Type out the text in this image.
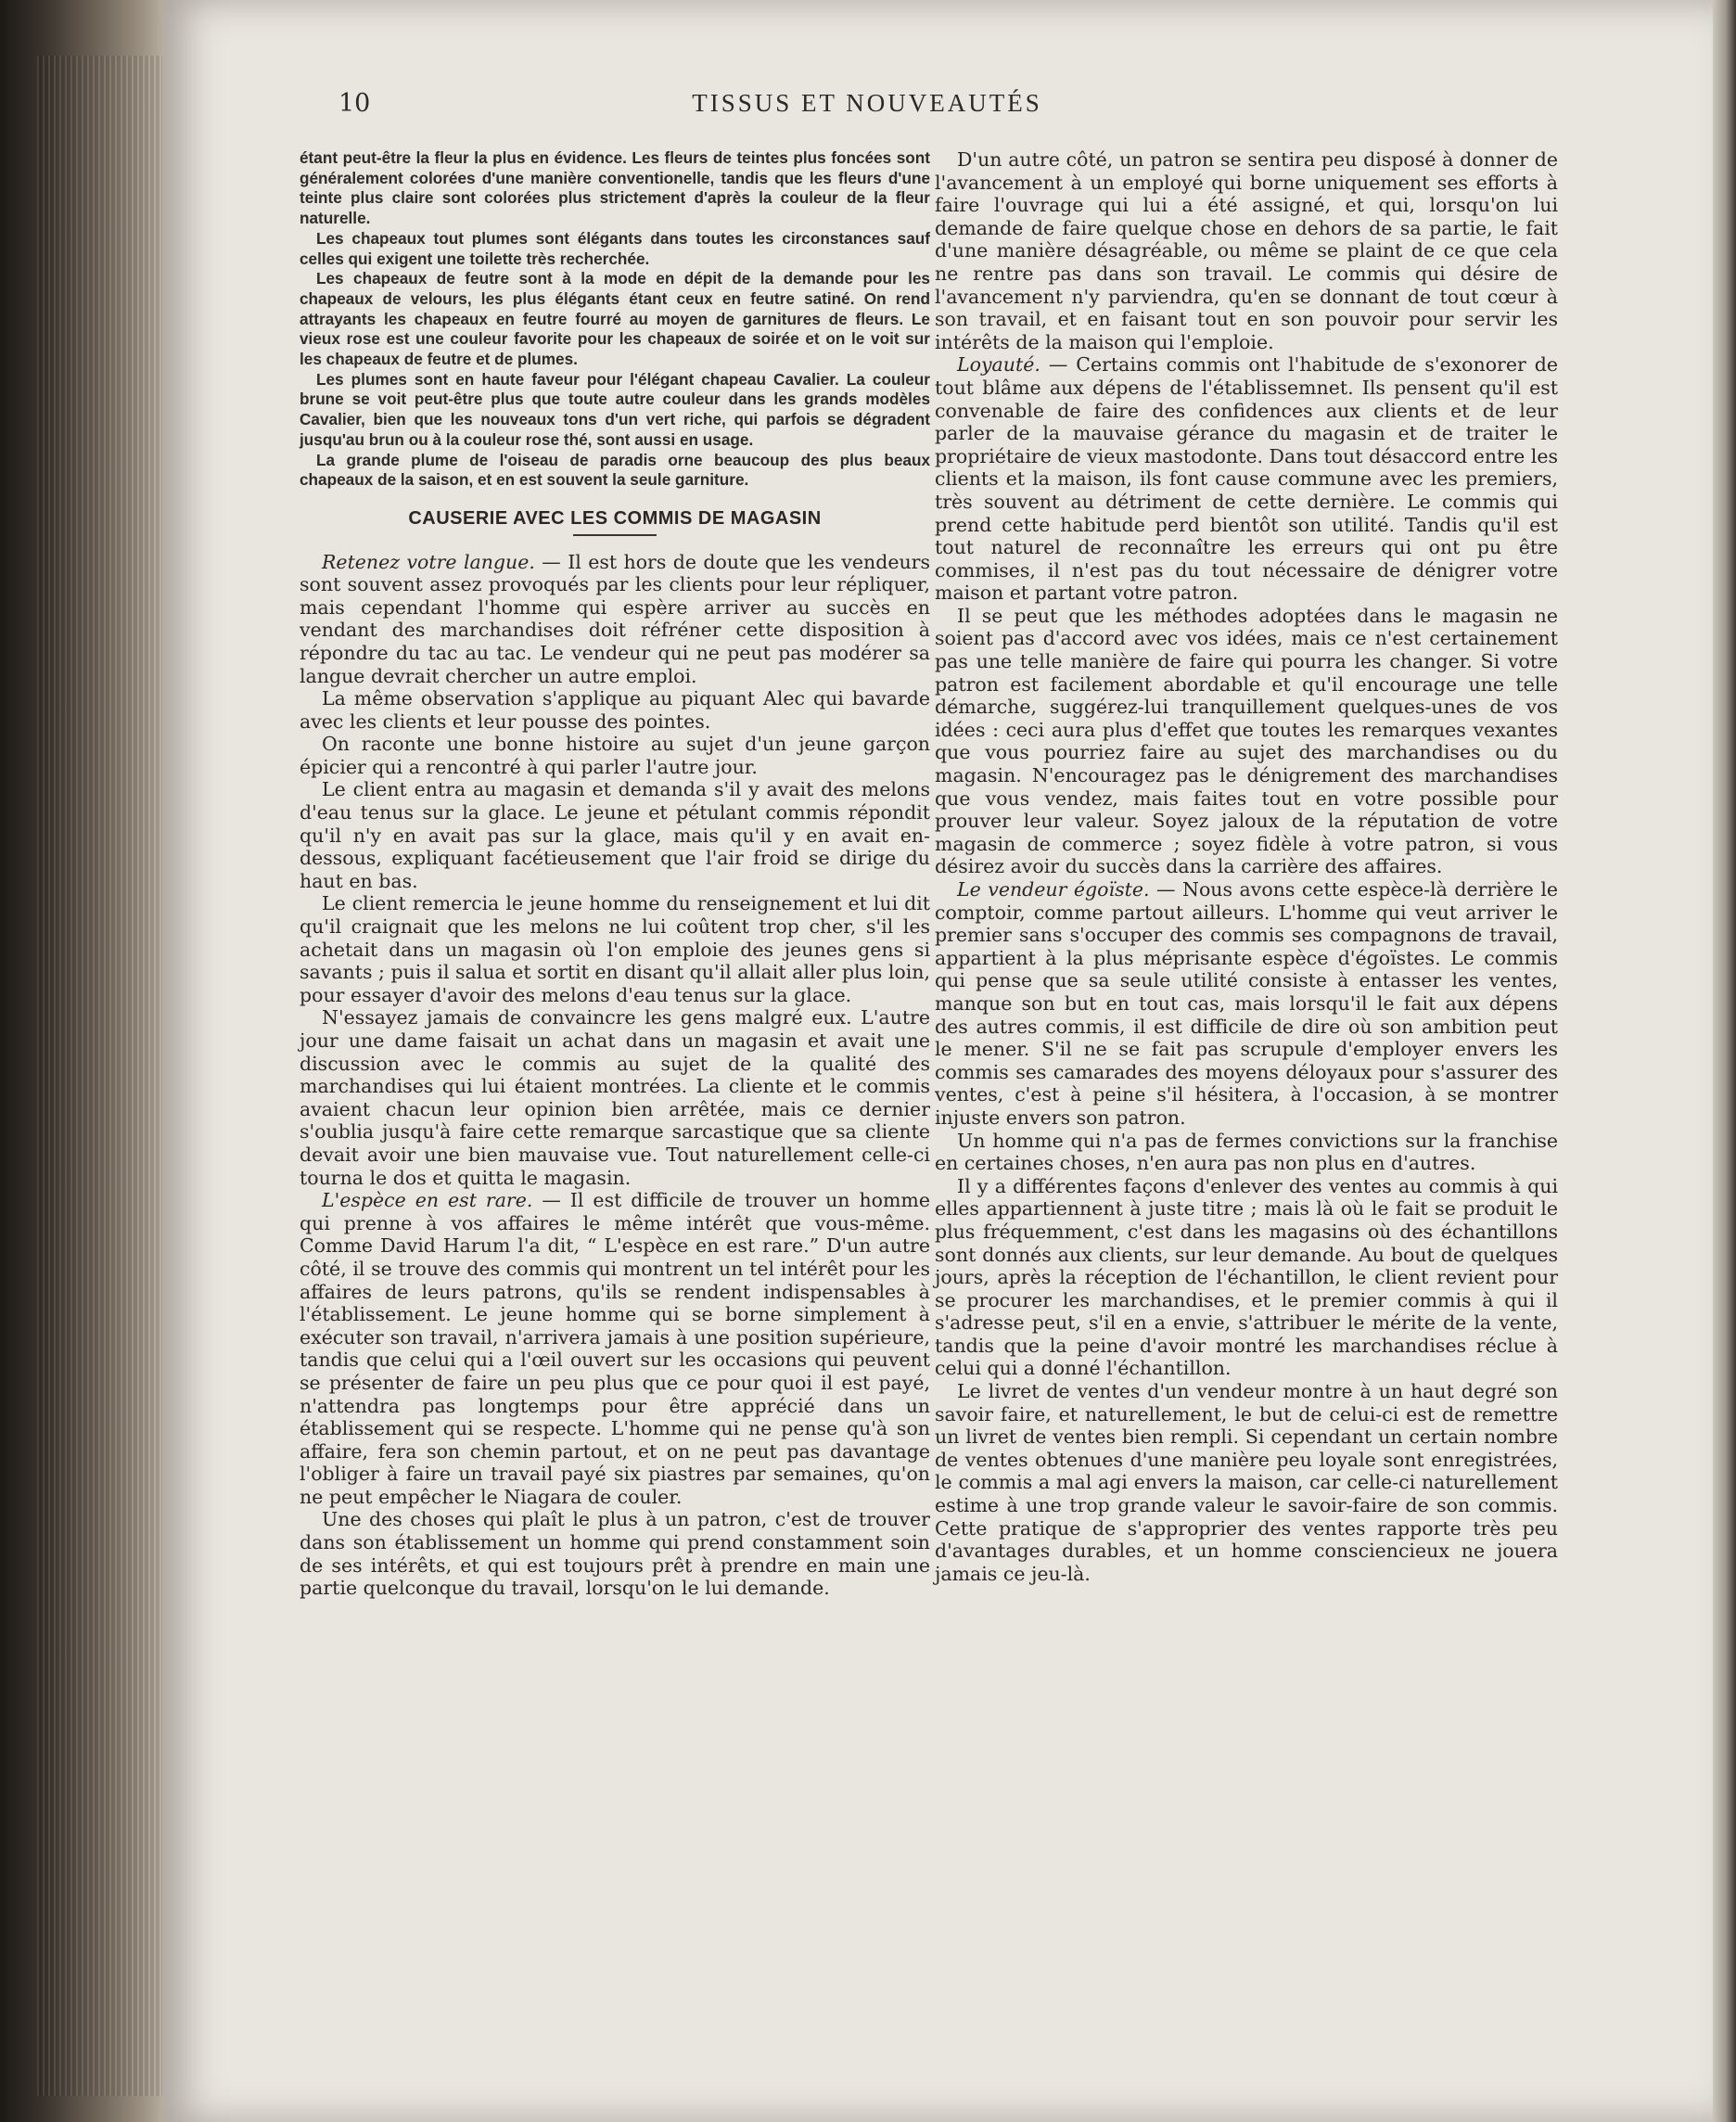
10	TISSUS ET NOUVEAUTÉS

étant peut-être la fleur la plus en évidence. Les fleurs de teintes plus foncées sont généralement colorées d'une manière conventionelle, tandis que les fleurs d'une teinte plus claire sont colorées plus strictement d'après la couleur de la fleur naturelle.

Les chapeaux tout plumes sont élégants dans toutes les circonstances sauf celles qui exigent une toilette très recherchée.

Les chapeaux de feutre sont à la mode en dépit de la demande pour les chapeaux de velours, les plus élégants étant ceux en feutre satiné. On rend attrayants les chapeaux en feutre fourré au moyen de garnitures de fleurs. Le vieux rose est une couleur favorite pour les chapeaux de soirée et on le voit sur les chapeaux de feutre et de plumes.

Les plumes sont en haute faveur pour l'élégant chapeau Cavalier. La couleur brune se voit peut-être plus que toute autre couleur dans les grands modèles Cavalier, bien que les nouveaux tons d'un vert riche, qui parfois se dégradent jusqu'au brun ou à la couleur rose thé, sont aussi en usage.

La grande plume de l'oiseau de paradis orne beaucoup des plus beaux chapeaux de la saison, et en est souvent la seule garniture.

CAUSERIE AVEC LES COMMIS DE MAGASIN

Retenez votre langue. — Il est hors de doute que les vendeurs sont souvent assez provoqués par les clients pour leur répliquer, mais cependant l'homme qui espère arriver au succès en vendant des marchandises doit réfréner cette disposition à répondre du tac au tac. Le vendeur qui ne peut pas modérer sa langue devrait chercher un autre emploi.

La même observation s'applique au piquant Alec qui bavarde avec les clients et leur pousse des pointes.

On raconte une bonne histoire au sujet d'un jeune garçon épicier qui a rencontré à qui parler l'autre jour.

Le client entra au magasin et demanda s'il y avait des melons d'eau tenus sur la glace. Le jeune et pétulant commis répondit qu'il n'y en avait pas sur la glace, mais qu'il y en avait en-dessous, expliquant facétieusement que l'air froid se dirige du haut en bas.

Le client remercia le jeune homme du renseignement et lui dit qu'il craignait que les melons ne lui coûtent trop cher, s'il les achetait dans un magasin où l'on emploie des jeunes gens si savants ; puis il salua et sortit en disant qu'il allait aller plus loin, pour essayer d'avoir des melons d'eau tenus sur la glace.

N'essayez jamais de convaincre les gens malgré eux. L'autre jour une dame faisait un achat dans un magasin et avait une discussion avec le commis au sujet de la qualité des marchandises qui lui étaient montrées. La cliente et le commis avaient chacun leur opinion bien arrêtée, mais ce dernier s'oublia jusqu'à faire cette remarque sarcastique que sa cliente devait avoir une bien mauvaise vue. Tout naturellement celle-ci tourna le dos et quitta le magasin.

L'espèce en est rare. — Il est difficile de trouver un homme qui prenne à vos affaires le même intérêt que vous-même. Comme David Harum l'a dit, “ L'espèce en est rare.” D'un autre côté, il se trouve des commis qui montrent un tel intérêt pour les affaires de leurs patrons, qu'ils se rendent indispensables à l'établissement. Le jeune homme qui se borne simplement à exécuter son travail, n'arrivera jamais à une position supérieure, tandis que celui qui a l'œil ouvert sur les occasions qui peuvent se présenter de faire un peu plus que ce pour quoi il est payé, n'attendra pas longtemps pour être apprécié dans un établissement qui se respecte. L'homme qui ne pense qu'à son affaire, fera son chemin partout, et on ne peut pas davantage l'obliger à faire un travail payé six piastres par semaines, qu'on ne peut empêcher le Niagara de couler.

Une des choses qui plaît le plus à un patron, c'est de trouver dans son établissement un homme qui prend constamment soin de ses intérêts, et qui est toujours prêt à prendre en main une partie quelconque du travail, lorsqu'on le lui demande.

D'un autre côté, un patron se sentira peu disposé à donner de l'avancement à un employé qui borne uniquement ses efforts à faire l'ouvrage qui lui a été assigné, et qui, lorsqu'on lui demande de faire quelque chose en dehors de sa partie, le fait d'une manière désagréable, ou même se plaint de ce que cela ne rentre pas dans son travail. Le commis qui désire de l'avancement n'y parviendra, qu'en se donnant de tout cœur à son travail, et en faisant tout en son pouvoir pour servir les intérêts de la maison qui l'emploie.

Loyauté. — Certains commis ont l'habitude de s'exonorer de tout blâme aux dépens de l'établissemnet. Ils pensent qu'il est convenable de faire des confidences aux clients et de leur parler de la mauvaise gérance du magasin et de traiter le propriétaire de vieux mastodonte. Dans tout désaccord entre les clients et la maison, ils font cause commune avec les premiers, très souvent au détriment de cette dernière. Le commis qui prend cette habitude perd bientôt son utilité. Tandis qu'il est tout naturel de reconnaître les erreurs qui ont pu être commises, il n'est pas du tout nécessaire de dénigrer votre maison et partant votre patron.

Il se peut que les méthodes adoptées dans le magasin ne soient pas d'accord avec vos idées, mais ce n'est certainement pas une telle manière de faire qui pourra les changer. Si votre patron est facilement abordable et qu'il encourage une telle démarche, suggérez-lui tranquillement quelques-unes de vos idées : ceci aura plus d'effet que toutes les remarques vexantes que vous pourriez faire au sujet des marchandises ou du magasin. N'encouragez pas le dénigrement des marchandises que vous vendez, mais faites tout en votre possible pour prouver leur valeur. Soyez jaloux de la réputation de votre magasin de commerce ; soyez fidèle à votre patron, si vous désirez avoir du succès dans la carrière des affaires.

Le vendeur égoïste. — Nous avons cette espèce-là derrière le comptoir, comme partout ailleurs. L'homme qui veut arriver le premier sans s'occuper des commis ses compagnons de travail, appartient à la plus méprisante espèce d'égoïstes. Le commis qui pense que sa seule utilité consiste à entasser les ventes, manque son but en tout cas, mais lorsqu'il le fait aux dépens des autres commis, il est difficile de dire où son ambition peut le mener. S'il ne se fait pas scrupule d'employer envers les commis ses camarades des moyens déloyaux pour s'assurer des ventes, c'est à peine s'il hésitera, à l'occasion, à se montrer injuste envers son patron.

Un homme qui n'a pas de fermes convictions sur la franchise en certaines choses, n'en aura pas non plus en d'autres.

Il y a différentes façons d'enlever des ventes au commis à qui elles appartiennent à juste titre ; mais là où le fait se produit le plus fréquemment, c'est dans les magasins où des échantillons sont donnés aux clients, sur leur demande. Au bout de quelques jours, après la réception de l'échantillon, le client revient pour se procurer les marchandises, et le premier commis à qui il s'adresse peut, s'il en a envie, s'attribuer le mérite de la vente, tandis que la peine d'avoir montré les marchandises réclue à celui qui a donné l'échantillon.

Le livret de ventes d'un vendeur montre à un haut degré son savoir faire, et naturellement, le but de celui-ci est de remettre un livret de ventes bien rempli. Si cependant un certain nombre de ventes obtenues d'une manière peu loyale sont enregistrées, le commis a mal agi envers la maison, car celle-ci naturellement estime à une trop grande valeur le savoir-faire de son commis. Cette pratique de s'approprier des ventes rapporte très peu d'avantages durables, et un homme consciencieux ne jouera jamais ce jeu-là.
